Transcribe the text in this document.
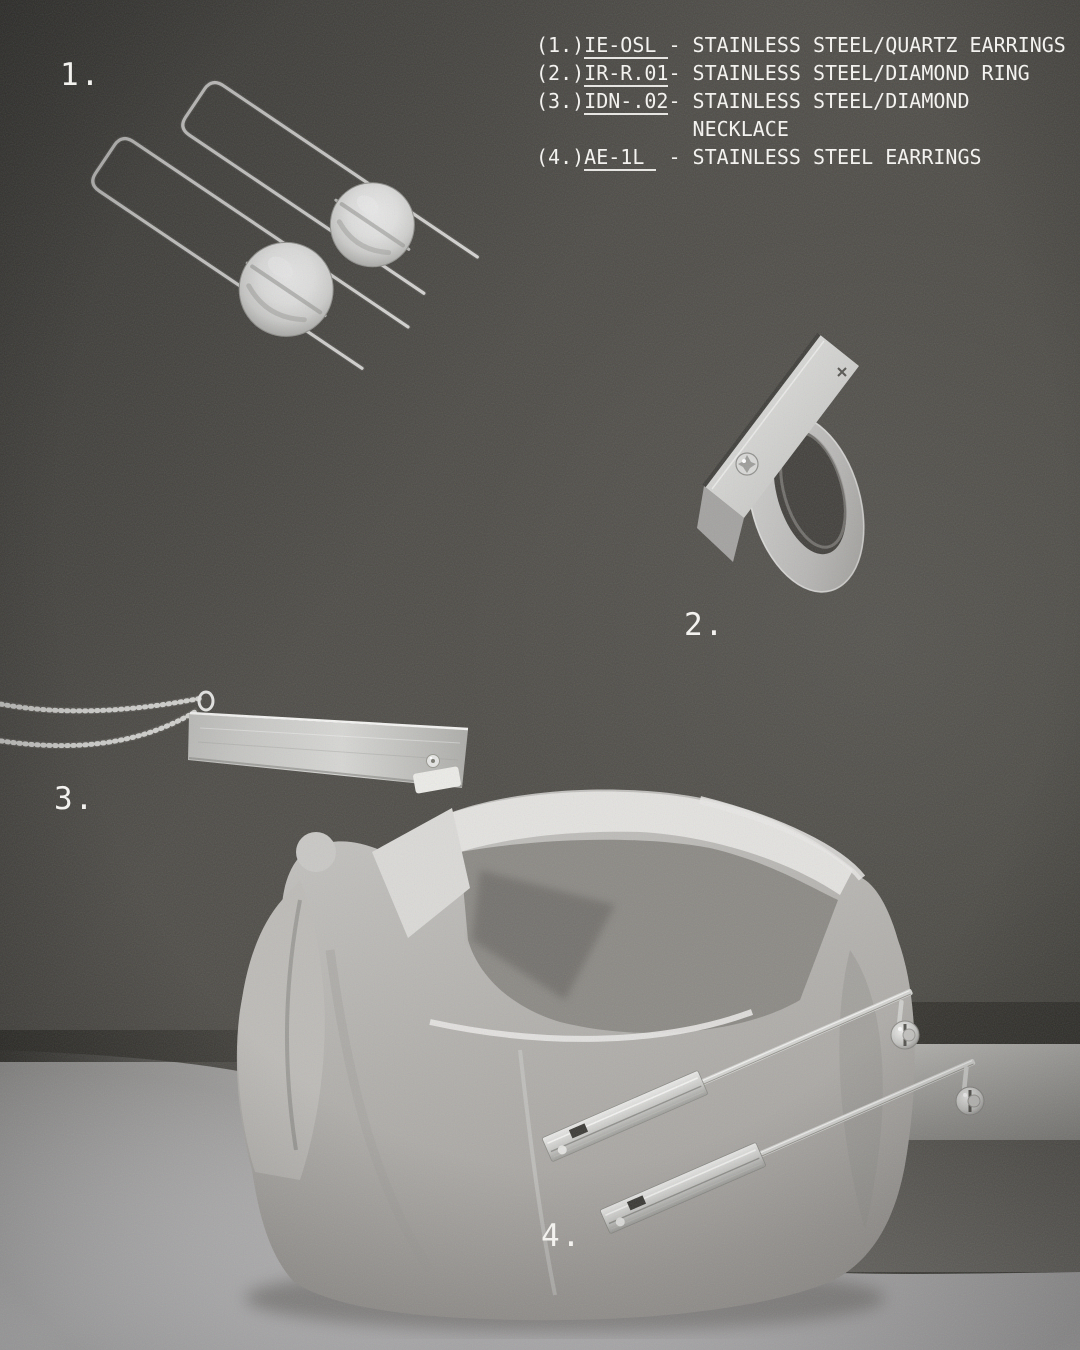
(1.)IE-OSL - STAINLESS STEEL/QUARTZ EARRINGS
(2.)IR-R.01- STAINLESS STEEL/DIAMOND RING
(3.)IDN-.02- STAINLESS STEEL/DIAMOND
NECKLACE
(4.)AE-1L  - STAINLESS STEEL EARRINGS
1.
2.
3.
4.
